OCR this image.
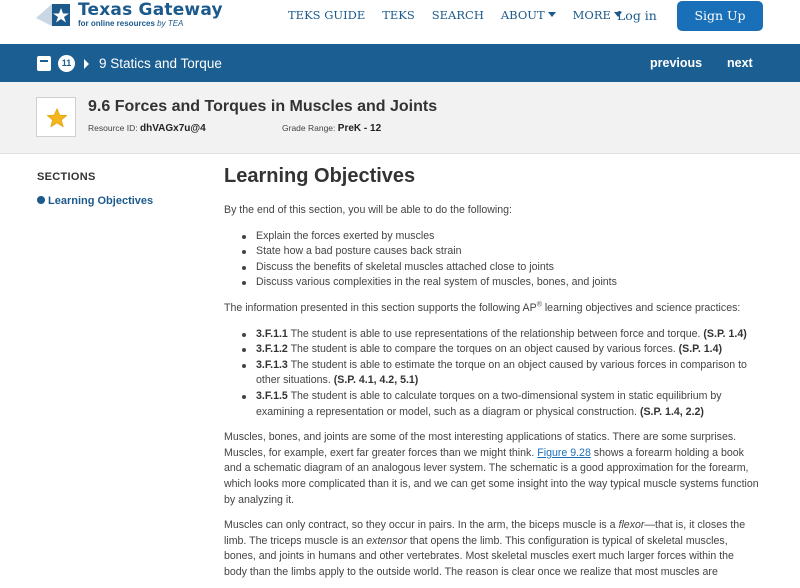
Texas Gateway
for online resources by TEA
TEKS GUIDE TEKS SEARCH ABOUT	MORE Log in	Sign Up
11 9 Statics and Torque	previous next
9.6 Forces and Torques in Muscles and Joints
Resource ID: dhVAGx7u@4	Grade Range: PreK - 12
SECTIONS
Learning Objectives
Learning Objectives
By the end of this section, you will be able to do the following:
Explain the forces exerted by muscles
State how a bad posture causes back strain
Discuss the benefits of skeletal muscles attached close to joints
Discuss various complexities in the real system of muscles, bones, and joints
The information presented in this section supports the following AP® learning objectives and science practices:
3.F.1.1 The student is able to use representations of the relationship between force and torque. (S.P. 1.4)
3.F.1.2 The student is able to compare the torques on an object caused by various forces. (S.P. 1.4)
3.F.1.3 The student is able to estimate the torque on an object caused by various forces in comparison to other situations. (S.P. 4.1, 4.2, 5.1)
3.F.1.5 The student is able to calculate torques on a two-dimensional system in static equilibrium by examining a representation or model, such as a diagram or physical construction. (S.P. 1.4, 2.2)
Muscles, bones, and joints are some of the most interesting applications of statics. There are some surprises. Muscles, for example, exert far greater forces than we might think. Figure 9.28 shows a forearm holding a book and a schematic diagram of an analogous lever system. The schematic is a good approximation for the forearm, which looks more complicated than it is, and we can get some insight into the way typical muscle systems function by analyzing it.
Muscles can only contract, so they occur in pairs. In the arm, the biceps muscle is a flexor—that is, it closes the limb. The triceps muscle is an extensor that opens the limb. This configuration is typical of skeletal muscles, bones, and joints in humans and other vertebrates. Most skeletal muscles exert much larger forces within the body than the limbs apply to the outside world. The reason is clear once we realize that most muscles are
